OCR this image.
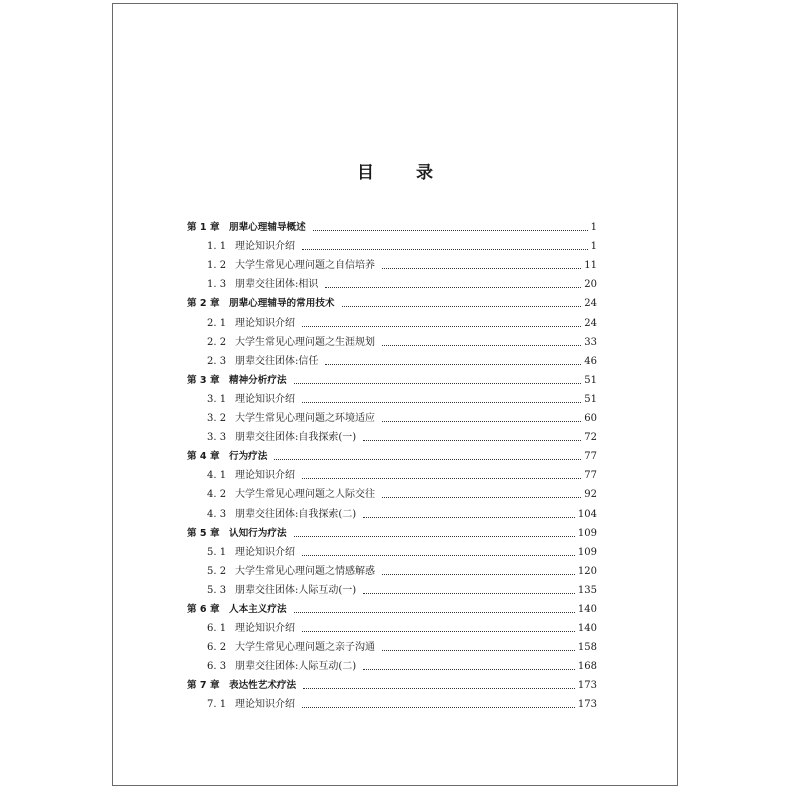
目 录
第 1 章 朋辈心理辅导概述	1
1. 1 理论知识介绍	1
1. 2 大学生常见心理问题之自信培养	11
1. 3 朋辈交往团体:相识	20
第 2 章 朋辈心理辅导的常用技术	24
2. 1 理论知识介绍	24
2. 2 大学生常见心理问题之生涯规划	33
2. 3 朋辈交往团体:信任	46
第 3 章 精神分析疗法	51
3. 1 理论知识介绍	51
3. 2 大学生常见心理问题之环境适应	60
3. 3 朋辈交往团体:自我探索(一)	72
第 4 章 行为疗法	77
4. 1 理论知识介绍	77
4. 2 大学生常见心理问题之人际交往	92
4. 3 朋辈交往团体:自我探索(二)	104
第 5 章 认知行为疗法	109
5. 1 理论知识介绍	109
5. 2 大学生常见心理问题之情感解惑	120
5. 3 朋辈交往团体:人际互动(一)	135
第 6 章 人本主义疗法	140
6. 1 理论知识介绍	140
6. 2 大学生常见心理问题之亲子沟通	158
6. 3 朋辈交往团体:人际互动(二)	168
第 7 章 表达性艺术疗法	173
7. 1 理论知识介绍	173
